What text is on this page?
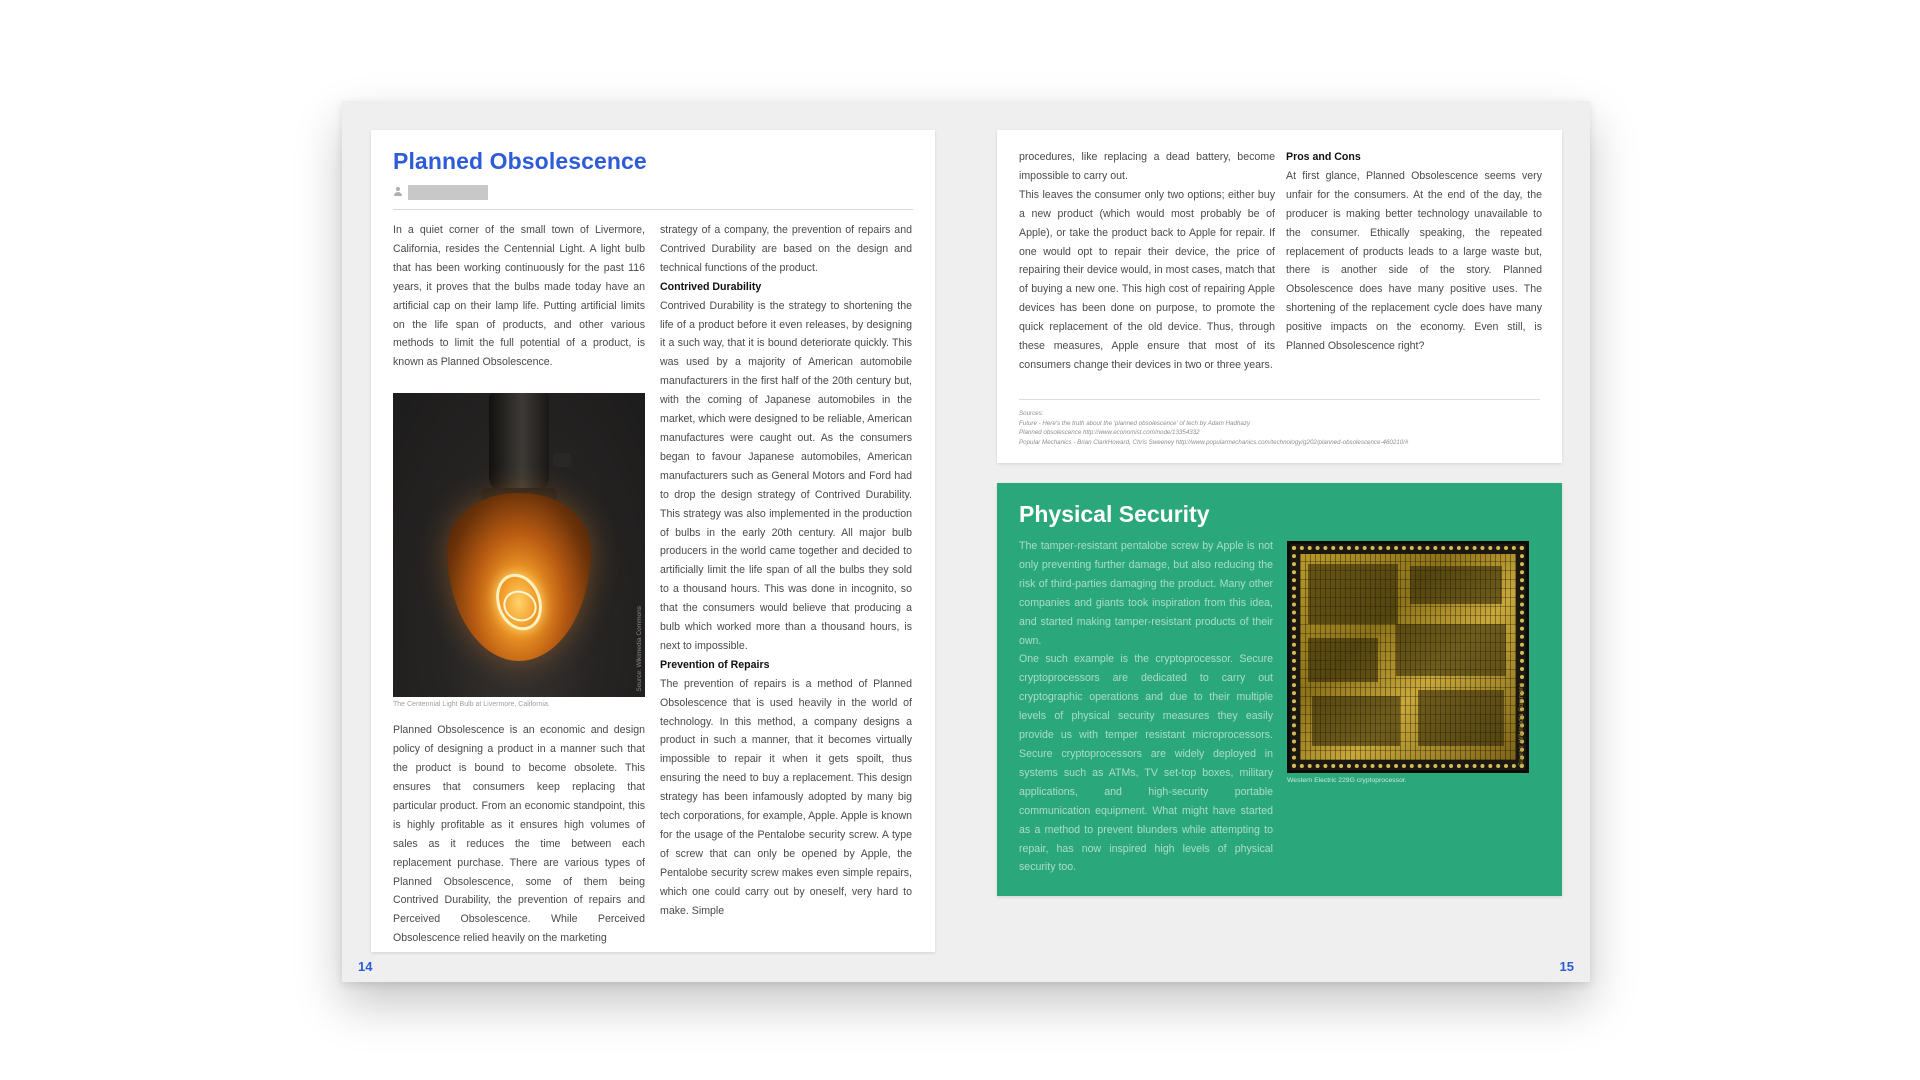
Planned Obsolescence

In a quiet corner of the small town of Livermore, California, resides the Centennial Light. A light bulb that has been working continuously for the past 116 years, it proves that the bulbs made today have an artificial cap on their lamp life. Putting artificial limits on the life span of products, and other various methods to limit the full potential of a product, is known as Planned Obsolescence.

Source: Wikimedia Commons
The Centennial Light Bulb at Livermore, California.

Planned Obsolescence is an economic and design policy of designing a product in a manner such that the product is bound to become obsolete. This ensures that consumers keep replacing that particular product. From an economic standpoint, this is highly profitable as it ensures high volumes of sales as it reduces the time between each replacement purchase. There are various types of Planned Obsolescence, some of them being Contrived Durability, the prevention of repairs and Perceived Obsolescence. While Perceived Obsolescence relied heavily on the marketing

strategy of a company, the prevention of repairs and Contrived Durability are based on the design and technical functions of the product.

Contrived Durability

Contrived Durability is the strategy to shortening the life of a product before it even releases, by designing it a such way, that it is bound deteriorate quickly. This was used by a majority of American automobile manufacturers in the first half of the 20th century but, with the coming of Japanese automobiles in the market, which were designed to be reliable, American manufactures were caught out. As the consumers began to favour Japanese automobiles, American manufacturers such as General Motors and Ford had to drop the design strategy of Contrived Durability. This strategy was also implemented in the production of bulbs in the early 20th century. All major bulb producers in the world came together and decided to artificially limit the life span of all the bulbs they sold to a thousand hours. This was done in incognito, so that the consumers would believe that producing a bulb which worked more than a thousand hours, is next to impossible.

Prevention of Repairs

The prevention of repairs is a method of Planned Obsolescence that is used heavily in the world of technology. In this method, a company designs a product in such a manner, that it becomes virtually impossible to repair it when it gets spoilt, thus ensuring the need to buy a replacement. This design strategy has been infamously adopted by many big tech corporations, for example, Apple. Apple is known for the usage of the Pentalobe security screw. A type of screw that can only be opened by Apple, the Pentalobe security screw makes even simple repairs, which one could carry out by oneself, very hard to make. Simple

14

procedures, like replacing a dead battery, become impossible to carry out.

This leaves the consumer only two options; either buy a new product (which would most probably be of Apple), or take the product back to Apple for repair. If one would opt to repair their device, the price of repairing their device would, in most cases, match that of buying a new one. This high cost of repairing Apple devices has been done on purpose, to promote the quick replacement of the old device. Thus, through these measures, Apple ensure that most of its consumers change their devices in two or three years.

Pros and Cons

At first glance, Planned Obsolescence seems very unfair for the consumers. At the end of the day, the producer is making better technology unavailable to the consumer. Ethically speaking, the repeated replacement of products leads to a large waste but, there is another side of the story. Planned Obsolescence does have many positive uses. The shortening of the replacement cycle does have many positive impacts on the economy. Even still, is Planned Obsolescence right?

Sources:
Future - Here's the truth about the 'planned obsolescence' of tech by Adam Hadhazy
Planned obsolescence http://www.economist.com/node/13354332
Popular Mechanics - Brian ClarkHoward, Chris Sweeney http://www.popularmechanics.com/technology/g202/planned-obsolescence-460210/#
Physical Security

The tamper-resistant pentalobe screw by Apple is not only preventing further damage, but also reducing the risk of third-parties damaging the product. Many other companies and giants took inspiration from this idea, and started making tamper-resistant products of their own.

One such example is the cryptoprocessor. Secure cryptoprocessors are dedicated to carry out cryptographic operations and due to their multiple levels of physical security measures they easily provide us with temper resistant microprocessors. Secure cryptoprocessors are widely deployed in systems such as ATMs, TV set-top boxes, military applications, and high-security portable communication equipment. What might have started as a method to prevent blunders while attempting to repair, has now inspired high levels of physical security too.

Source: Wikimedia Commons
Western Electric 229G cryptoprocessor.
15
